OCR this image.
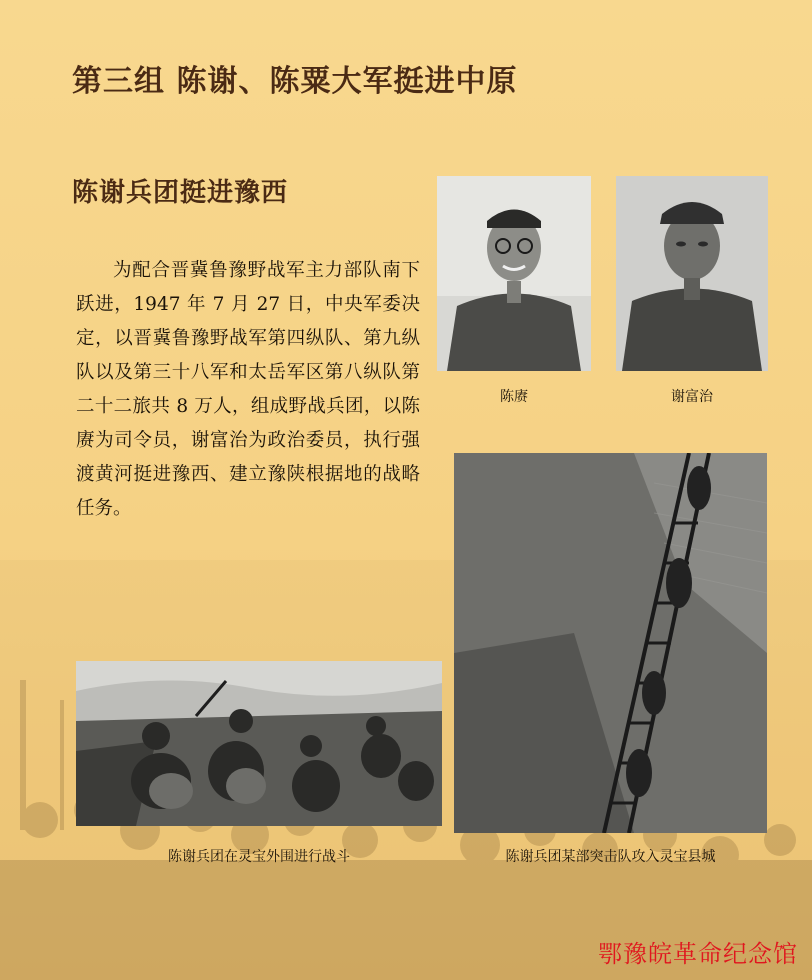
第三组 陈谢、陈粟大军挺进中原
陈谢兵团挺进豫西

为配合晋冀鲁豫野战军主力部队南下跃进，1947 年 7 月 27 日，中央军委决定，以晋冀鲁豫野战军第四纵队、第九纵队以及第三十八军和太岳军区第八纵队第二十二旅共 8 万人，组成野战兵团，以陈赓为司令员，谢富治为政治委员，执行强渡黄河挺进豫西、建立豫陕根据地的战略任务。

陈赓	谢富治
陈谢兵团某部突击队攻入灵宝县城
陈谢兵团在灵宝外围进行战斗
鄂豫皖革命纪念馆
